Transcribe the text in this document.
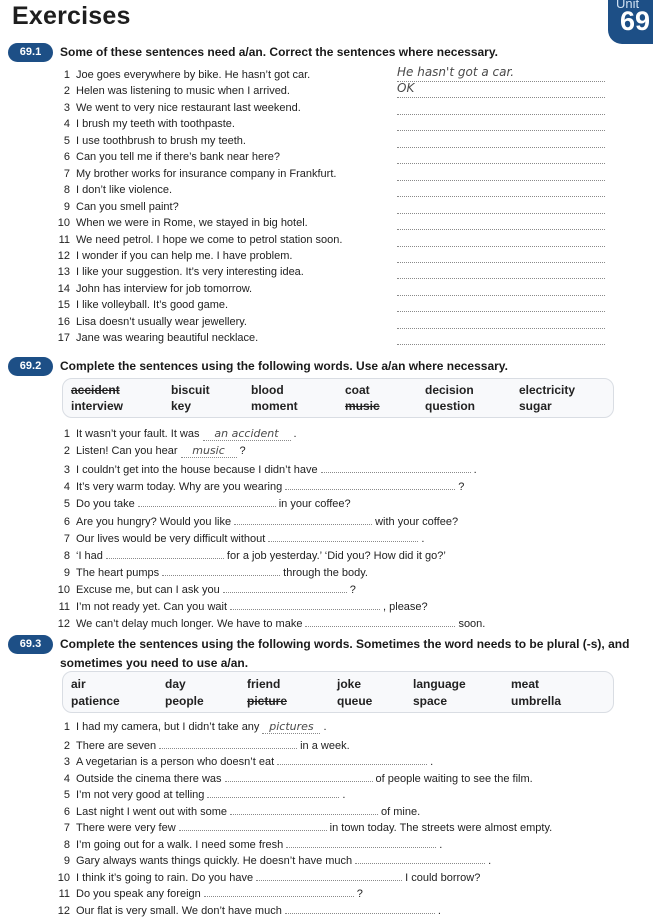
Exercises	Unit
69
69.1	Some of these sentences need a/an. Correct the sentences where necessary.
1 Joe goes everywhere by bike. He hasn’t got car.	He hasn't got a car.
2 Helen was listening to music when I arrived.	OK
3 We went to very nice restaurant last weekend.
4 I brush my teeth with toothpaste.
5 I use toothbrush to brush my teeth.
6 Can you tell me if there’s bank near here?
7 My brother works for insurance company in Frankfurt.
8 I don’t like violence.
9 Can you smell paint?
10 When we were in Rome, we stayed in big hotel.
11 We need petrol. I hope we come to petrol station soon.
12 I wonder if you can help me. I have problem.
13 I like your suggestion. It’s very interesting idea.
14 John has interview for job tomorrow.
15 I like volleyball. It’s good game.
16 Lisa doesn’t usually wear jewellery.
17 Jane was wearing beautiful necklace.
69.2	Complete the sentences using the following words. Use a/an where necessary.
accident	biscuit	blood	coat	decision	electricity
interview	key	moment	music	question	sugar
1 It wasn’t your fault. It was an accident .
2 Listen! Can you hear music ?
3 I couldn’t get into the house because I didn’t have	.
4 It’s very warm today. Why are you wearing	?
5 Do you take	in your coffee?
6 Are you hungry? Would you like	with your coffee?
7 Our lives would be very difficult without	.
8 ‘I had	for a job yesterday.’ ‘Did you? How did it go?’
9 The heart pumps	through the body.
10 Excuse me, but can I ask you	?
11 I’m not ready yet. Can you wait	, please?
12 We can’t delay much longer. We have to make	soon.
69.3	Complete the sentences using the following words. Sometimes the word needs to be plural (-s), and sometimes you need to use a/an.
air	day	friend	joke	language	meat
patience	people	picture	queue	space	umbrella
1 I had my camera, but I didn’t take any pictures .
2 There are seven	in a week.
3 A vegetarian is a person who doesn’t eat	.
4 Outside the cinema there was	of people waiting to see the film.
5 I’m not very good at telling	.
6 Last night I went out with some	of mine.
7 There were very few	in town today. The streets were almost empty.
8 I’m going out for a walk. I need some fresh	.
9 Gary always wants things quickly. He doesn’t have much	.
10 I think it’s going to rain. Do you have	I could borrow?
11 Do you speak any foreign	?
12 Our flat is very small. We don’t have much	.
